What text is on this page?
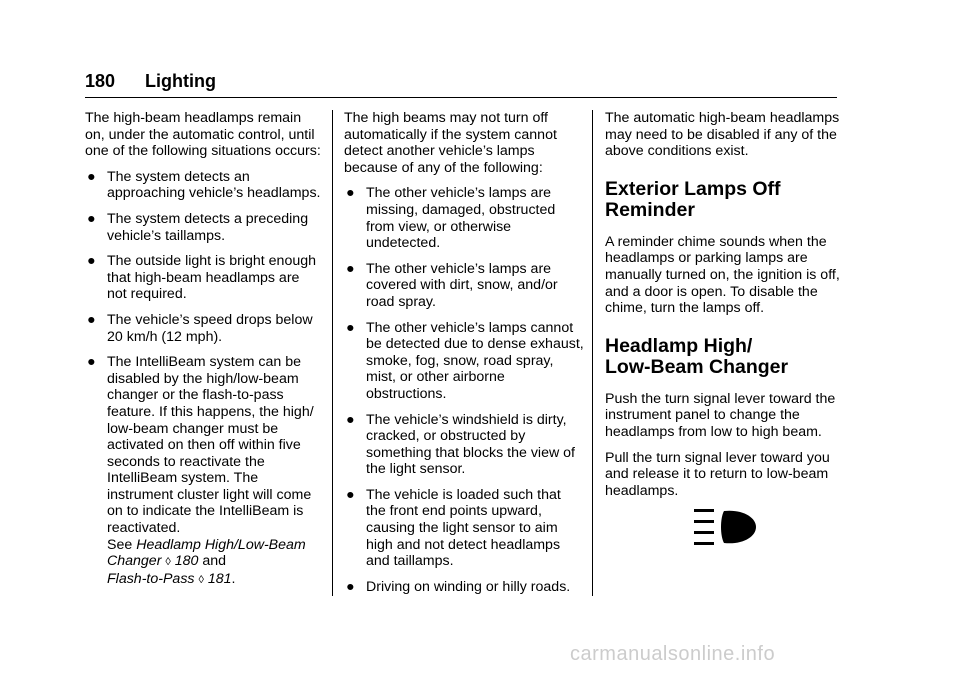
180 Lighting

The high-beam headlamps remain on, under the automatic control, until one of the following situations occurs:

● The system detects an approaching vehicle’s headlamps.
● The system detects a preceding vehicle’s taillamps.
● The outside light is bright enough that high-beam headlamps are not required.
● The vehicle’s speed drops below 20 km/h (12 mph).
● The IntelliBeam system can be disabled by the high/low-beam changer or the flash-to-pass feature. If this happens, the high/ low-beam changer must be activated on then off within five seconds to reactivate the IntelliBeam system. The instrument cluster light will come on to indicate the IntelliBeam is reactivated.
See Headlamp High/Low-Beam Changer ◊ 180 and
Flash-to-Pass ◊ 181.

The high beams may not turn off automatically if the system cannot detect another vehicle’s lamps because of any of the following:

● The other vehicle’s lamps are missing, damaged, obstructed from view, or otherwise undetected.
● The other vehicle’s lamps are covered with dirt, snow, and/or road spray.
● The other vehicle’s lamps cannot be detected due to dense exhaust, smoke, fog, snow, road spray, mist, or other airborne obstructions.
● The vehicle’s windshield is dirty, cracked, or obstructed by something that blocks the view of the light sensor.
● The vehicle is loaded such that the front end points upward, causing the light sensor to aim high and not detect headlamps and taillamps.
● Driving on winding or hilly roads.

The automatic high-beam headlamps may need to be disabled if any of the above conditions exist.

Exterior Lamps Off
Reminder

A reminder chime sounds when the headlamps or parking lamps are manually turned on, the ignition is off, and a door is open. To disable the chime, turn the lamps off.

Headlamp High/
Low-Beam Changer

Push the turn signal lever toward the instrument panel to change the headlamps from low to high beam.

Pull the turn signal lever toward you and release it to return to low-beam headlamps.

carmanualsonline.info
